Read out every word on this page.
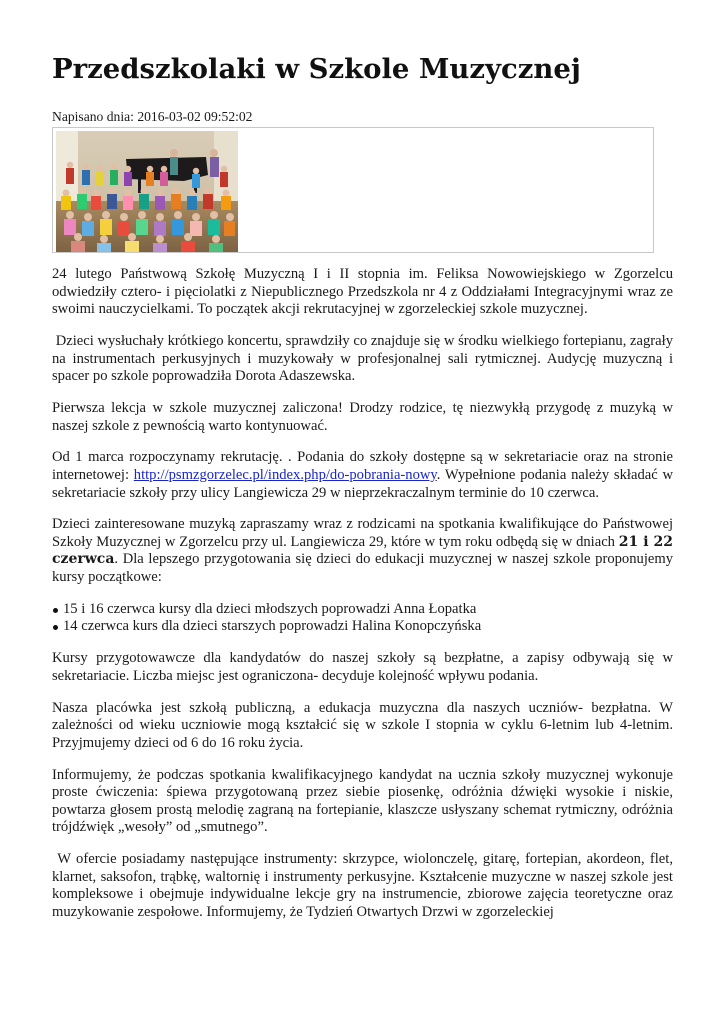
Przedszkolaki w Szkole Muzycznej
Napisano dnia: 2016-03-02 09:52:02

24 lutego Państwową Szkołę Muzyczną I i II stopnia im. Feliksa Nowowiejskiego w Zgorzelcu odwiedziły cztero- i pięciolatki z Niepublicznego Przedszkola nr 4 z Oddziałami Integracyjnymi wraz ze swoimi nauczycielkami. To początek akcji rekrutacyjnej w zgorzeleckiej szkole muzycznej.

Dzieci wysłuchały krótkiego koncertu, sprawdziły co znajduje się w środku wielkiego fortepianu, zagrały na instrumentach perkusyjnych i muzykowały w profesjonalnej sali rytmicznej. Audycję muzyczną i spacer po szkole poprowadziła Dorota Adaszewska.

Pierwsza lekcja w szkole muzycznej zaliczona! Drodzy rodzice, tę niezwykłą przygodę z muzyką w naszej szkole z pewnością warto kontynuować.

Od 1 marca rozpoczynamy rekrutację. . Podania do szkoły dostępne są w sekretariacie oraz na stronie internetowej: http://psmzgorzelec.pl/index.php/do-pobrania-nowy. Wypełnione podania należy składać w sekretariacie szkoły przy ulicy Langiewicza 29 w nieprzekraczalnym terminie do 10 czerwca.

Dzieci zainteresowane muzyką zapraszamy wraz z rodzicami na spotkania kwalifikujące do Państwowej Szkoły Muzycznej w Zgorzelcu przy ul. Langiewicza 29, które w tym roku odbędą się w dniach 21 i 22 czerwca. Dla lepszego przygotowania się dzieci do edukacji muzycznej w naszej szkole proponujemy kursy początkowe:

15 i 16 czerwca kursy dla dzieci młodszych poprowadzi Anna Łopatka
14 czerwca kurs dla dzieci starszych poprowadzi Halina Konopczyńska

Kursy przygotowawcze dla kandydatów do naszej szkoły są bezpłatne, a zapisy odbywają się w sekretariacie. Liczba miejsc jest ograniczona- decyduje kolejność wpływu podania.

Nasza placówka jest szkołą publiczną, a edukacja muzyczna dla naszych uczniów- bezpłatna. W zależności od wieku uczniowie mogą kształcić się w szkole I stopnia w cyklu 6-letnim lub 4-letnim. Przyjmujemy dzieci od 6 do 16 roku życia.

Informujemy, że podczas spotkania kwalifikacyjnego kandydat na ucznia szkoły muzycznej wykonuje proste ćwiczenia: śpiewa przygotowaną przez siebie piosenkę, odróżnia dźwięki wysokie i niskie, powtarza głosem prostą melodię zagraną na fortepianie, klaszcze usłyszany schemat rytmiczny, odróżnia trójdźwięk „wesoły” od „smutnego”.

W ofercie posiadamy następujące instrumenty: skrzypce, wiolonczelę, gitarę, fortepian, akordeon, flet, klarnet, saksofon, trąbkę, waltornię i instrumenty perkusyjne. Kształcenie muzyczne w naszej szkole jest kompleksowe i obejmuje indywidualne lekcje gry na instrumencie, zbiorowe zajęcia teoretyczne oraz muzykowanie zespołowe. Informujemy, że Tydzień Otwartych Drzwi w zgorzeleckiej
